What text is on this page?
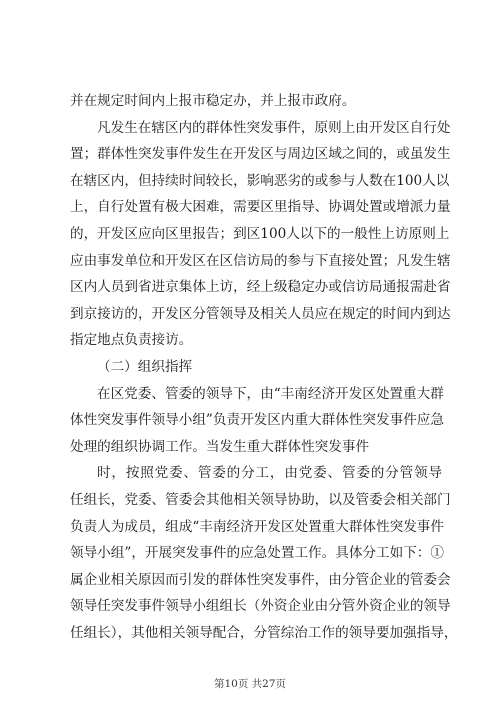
并在规定时间内上报市稳定办，并上报市政府。
凡发生在辖区内的群体性突发事件，原则上由开发区自行处
置；群体性突发事件发生在开发区与周边区域之间的，或虽发生
在辖区内，但持续时间较长，影响恶劣的或参与人数在100人以
上，自行处置有极大困难，需要区里指导、协调处置或增派力量
的，开发区应向区里报告；到区100人以下的一般性上访原则上
应由事发单位和开发区在区信访局的参与下直接处置；凡发生辖
区内人员到省进京集体上访，经上级稳定办或信访局通报需赴省
到京接访的，开发区分管领导及相关人员应在规定的时间内到达
指定地点负责接访。
（二）组织指挥
在区党委、管委的领导下，由“丰南经济开发区处置重大群
体性突发事件领导小组”负责开发区内重大群体性突发事件应急
处理的组织协调工作。当发生重大群体性突发事件
时，按照党委、管委的分工，由党委、管委的分管领导
任组长，党委、管委会其他相关领导协助，以及管委会相关部门
负责人为成员，组成“丰南经济开发区处置重大群体性突发事件
领导小组”，开展突发事件的应急处置工作。具体分工如下：①
属企业相关原因而引发的群体性突发事件，由分管企业的管委会
领导任突发事件领导小组组长（外资企业由分管外资企业的领导
任组长），其他相关领导配合，分管综治工作的领导要加强指导，
第10页 共27页
